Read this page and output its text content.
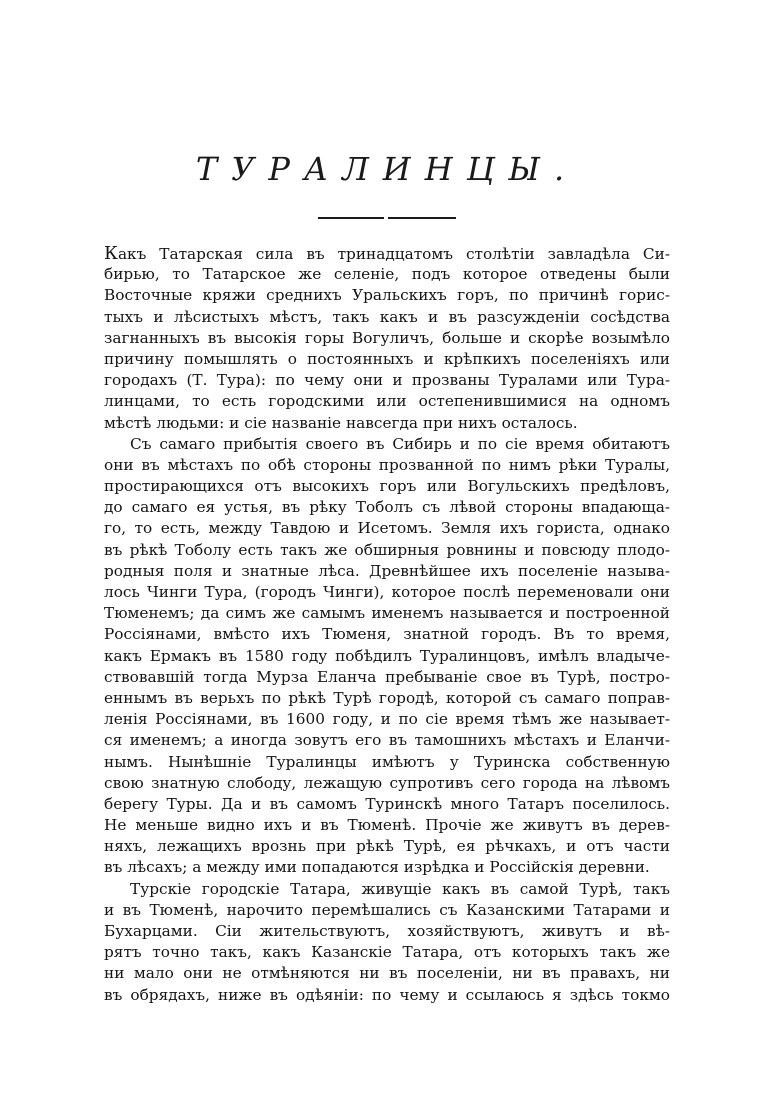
ТУРАЛИНЦЫ.
Какъ Татарская сила въ тринадцатомъ столѣтіи завладѣла Си-
бирью, то Татарское же селеніе, подъ которое отведены были
Восточные кряжи среднихъ Уральскихъ горъ, по причинѣ горис-
тыхъ и лѣсистыхъ мѣстъ, такъ какъ и въ разсужденіи сосѣдства
загнанныхъ въ высокія горы Вогуличъ, больше и скорѣе возымѣло
причину помышлять о постоянныхъ и крѣпкихъ поселеніяхъ или
городахъ (Т. Тура): по чему они и прозваны Туралами или Тура-
линцами, то есть городскими или остепенившимися на одномъ
мѣстѣ людьми: и сіе названіе навсегда при нихъ осталось.
Съ самаго прибытія своего въ Сибирь и по сіе время обитаютъ
они въ мѣстахъ по обѣ стороны прозванной по нимъ рѣки Туралы,
простирающихся отъ высокихъ горъ или Вогульскихъ предѣловъ,
до самаго ея устья, въ рѣку Тоболъ съ лѣвой стороны впадающа-
го, то есть, между Тавдою и Исетомъ. Земля ихъ гориста, однако
въ рѣкѣ Тоболу есть такъ же обширныя ровнины и повсюду плодо-
родныя поля и знатные лѣса. Древнѣйшее ихъ поселеніе называ-
лось Чинги Тура, (городъ Чинги), которое послѣ переменовали они
Тюменемъ; да симъ же самымъ именемъ называется и построенной
Россіянами, вмѣсто ихъ Тюменя, знатной городъ. Въ то время,
какъ Ермакъ въ 1580 году побѣдилъ Туралинцовъ, имѣлъ владыче-
ствовавшій тогда Мурза Еланча пребываніе свое въ Турѣ, постро-
еннымъ въ верьхъ по рѣкѣ Турѣ городѣ, которой съ самаго поправ-
ленія Россіянами, въ 1600 году, и по сіе время тѣмъ же называет-
ся именемъ; а иногда зовутъ его въ тамошнихъ мѣстахъ и Еланчи-
нымъ. Нынѣшніе Туралинцы имѣютъ у Туринска собственную
свою знатную слободу, лежащую супротивъ сего города на лѣвомъ
берегу Туры. Да и въ самомъ Туринскѣ много Татаръ поселилось.
Не меньше видно ихъ и въ Тюменѣ. Прочіе же живутъ въ дерев-
няхъ, лежащихъ врознь при рѣкѣ Турѣ, ея рѣчкахъ, и отъ части
въ лѣсахъ; а между ими попадаются изрѣдка и Россійскія деревни.
Турскіе городскіе Татара, живущіе какъ въ самой Турѣ, такъ
и въ Тюменѣ, нарочито перемѣшались съ Казанскими Татарами и
Бухарцами. Сіи жительствуютъ, хозяйствуютъ, живутъ и вѣ-
рятъ точно такъ, какъ Казанскіе Татара, отъ которыхъ такъ же
ни мало они не отмѣняются ни въ поселеніи, ни въ правахъ, ни
въ обрядахъ, ниже въ одѣяніи: по чему и ссылаюсь я здѣсь токмо
